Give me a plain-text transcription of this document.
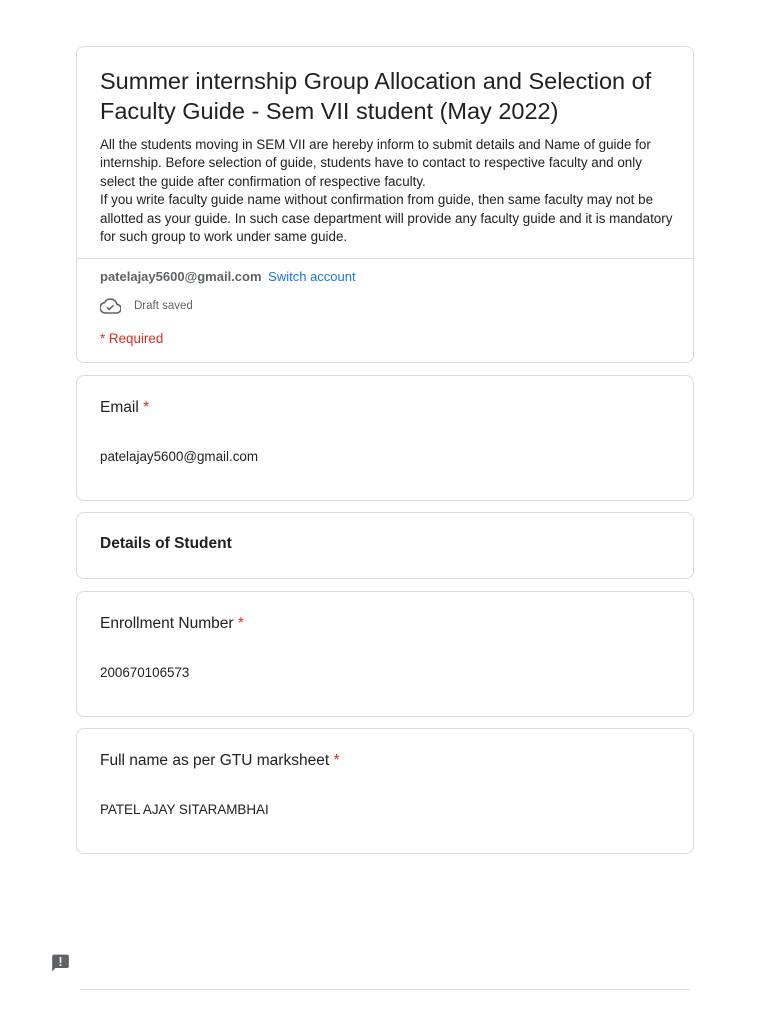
Summer internship Group Allocation and Selection of Faculty Guide - Sem VII student (May 2022)

All the students moving in SEM VII are hereby inform to submit details and Name of guide for internship. Before selection of guide, students have to contact to respective faculty and only select the guide after confirmation of respective faculty.

If you write faculty guide name without confirmation from guide, then same faculty may not be allotted as your guide. In such case department will provide any faculty guide and it is mandatory for such group to work under same guide.

patelajay5600@gmail.com Switch account
Draft saved
* Required
Email *
patelajay5600@gmail.com
Details of Student
Enrollment Number *
200670106573
Full name as per GTU marksheet *
PATEL AJAY SITARAMBHAI
